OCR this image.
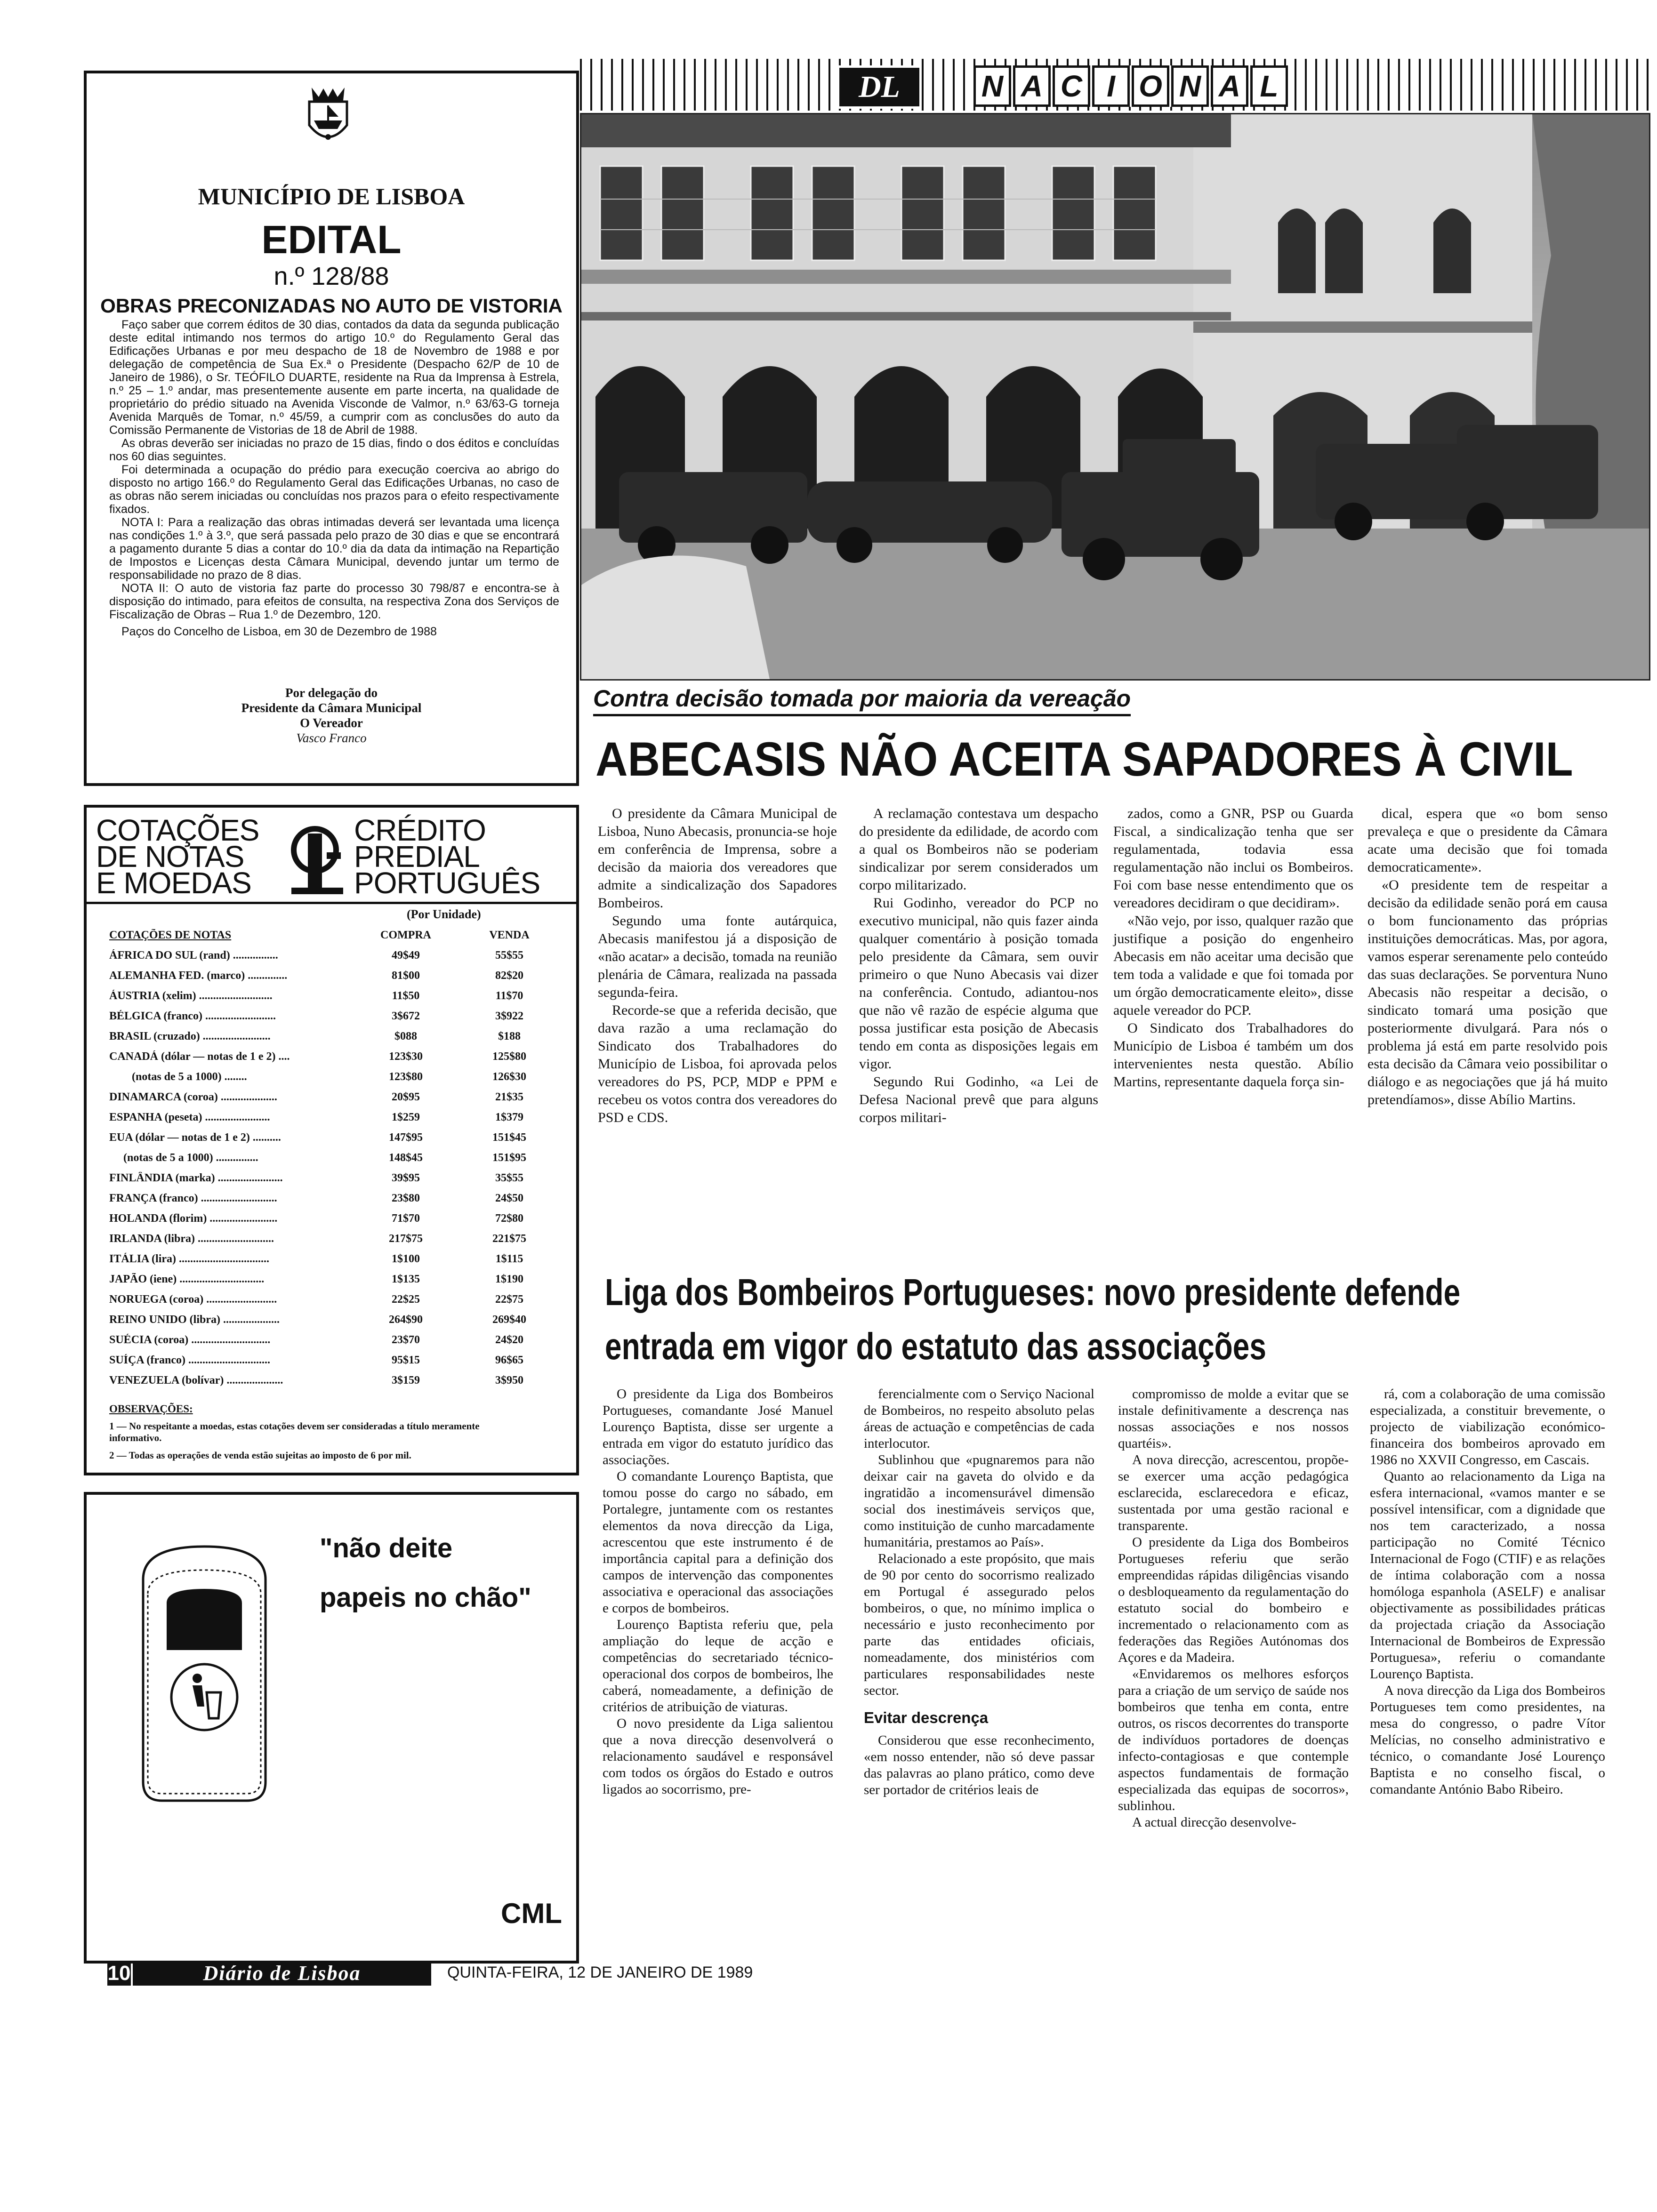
MUNICÍPIO DE LISBOA
EDITAL
n.º 128/88
OBRAS PRECONIZADAS NO AUTO DE VISTORIA

Faço saber que correm éditos de 30 dias, contados da data da segunda publicação deste edital intimando nos termos do artigo 10.º do Regulamento Geral das Edificações Urbanas e por meu despacho de 18 de Novembro de 1988 e por delegação de competência de Sua Ex.ª o Presidente (Despacho 62/P de 10 de Janeiro de 1986), o Sr. TEÓFILO DUARTE, residente na Rua da Imprensa à Estrela, n.º 25 – 1.º andar, mas presentemente ausente em parte incerta, na qualidade de proprietário do prédio situado na Avenida Visconde de Valmor, n.º 63/63-G torneja Avenida Marquês de Tomar, n.º 45/59, a cumprir com as conclusões do auto da Comissão Permanente de Vistorias de 18 de Abril de 1988.

As obras deverão ser iniciadas no prazo de 15 dias, findo o dos éditos e concluídas nos 60 dias seguintes.

Foi determinada a ocupação do prédio para execução coerciva ao abrigo do disposto no artigo 166.º do Regulamento Geral das Edificações Urbanas, no caso de as obras não serem iniciadas ou concluídas nos prazos para o efeito respectivamente fixados.

NOTA I: Para a realização das obras intimadas deverá ser levantada uma licença nas condições 1.º à 3.º, que será passada pelo prazo de 30 dias e que se encontrará a pagamento durante 5 dias a contar do 10.º dia da data da intimação na Repartição de Impostos e Licenças desta Câmara Municipal, devendo juntar um termo de responsabilidade no prazo de 8 dias.

NOTA II: O auto de vistoria faz parte do processo 30 798/87 e encontra-se à disposição do intimado, para efeitos de consulta, na respectiva Zona dos Serviços de Fiscalização de Obras – Rua 1.º de Dezembro, 120.

Paços do Concelho de Lisboa, em 30 de Dezembro de 1988

Por delegação do
Presidente da Câmara Municipal
O Vereador
Vasco Franco
COTAÇÕES
DE NOTAS
E MOEDAS
CRÉDITO
PREDIAL
PORTUGUÊS
(Por Unidade)
COTAÇÕES DE NOTAS	COMPRA	VENDA
ÁFRICA DO SUL (rand) ................	49$49	55$55
ALEMANHA FED. (marco) ..............	81$00	82$20
ÁUSTRIA (xelim) ..........................	11$50	11$70
BÉLGICA (franco) .........................	3$672	3$922
BRASIL (cruzado) ........................	$088	$188
CANADÁ (dólar — notas de 1 e 2) ....	123$30	125$80
(notas de 5 a 1000) ........	123$80	126$30
DINAMARCA (coroa) ....................	20$95	21$35
ESPANHA (peseta) .......................	1$259	1$379
EUA (dólar — notas de 1 e 2) ..........	147$95	151$45
(notas de 5 a 1000) ...............	148$45	151$95
FINLÂNDIA (marka) .......................	39$95	35$55
FRANÇA (franco) ...........................	23$80	24$50
HOLANDA (florim) ........................	71$70	72$80
IRLANDA (libra) ...........................	217$75	221$75
ITÁLIA (lira) ................................	1$100	1$115
JAPÃO (iene) ..............................	1$135	1$190
NORUEGA (coroa) .........................	22$25	22$75
REINO UNIDO (libra) ....................	264$90	269$40
SUÉCIA (coroa) ............................	23$70	24$20
SUÍÇA (franco) .............................	95$15	96$65
VENEZUELA (bolívar) ....................	3$159	3$950
OBSERVAÇÕES:
1 — No respeitante a moedas, estas cotações devem ser consideradas a título meramente informativo.
2 — Todas as operações de venda estão sujeitas ao imposto de 6 por mil.
"não deite
papeis no chão"
CML
DL	N A C I O N A L
Contra decisão tomada por maioria da vereação
ABECASIS NÃO ACEITA SAPADORES À CIVIL

O presidente da Câmara Municipal de Lisboa, Nuno Abecasis, pronuncia-se hoje em conferência de Imprensa, sobre a decisão da maioria dos vereadores que admite a sindicalização dos Sapadores Bombeiros.

Segundo uma fonte autárquica, Abecasis manifestou já a disposição de «não acatar» a decisão, tomada na reunião plenária de Câmara, realizada na passada segunda-feira.

Recorde-se que a referida decisão, que dava razão a uma reclamação do Sindicato dos Trabalhadores do Município de Lisboa, foi aprovada pelos vereadores do PS, PCP, MDP e PPM e recebeu os votos contra dos vereadores do PSD e CDS.

A reclamação contestava um despacho do presidente da edilidade, de acordo com a qual os Bombeiros não se poderiam sindicalizar por serem considerados um corpo militarizado.

Rui Godinho, vereador do PCP no executivo municipal, não quis fazer ainda qualquer comentário à posição tomada pelo presidente da Câmara, sem ouvir primeiro o que Nuno Abecasis vai dizer na conferência. Contudo, adiantou-nos que não vê razão de espécie alguma que possa justificar esta posição de Abecasis tendo em conta as disposições legais em vigor.

Segundo Rui Godinho, «a Lei de Defesa Nacional prevê que para alguns corpos militari-

zados, como a GNR, PSP ou Guarda Fiscal, a sindicalização tenha que ser regulamentada, todavia essa regulamentação não inclui os Bombeiros. Foi com base nesse entendimento que os vereadores decidiram o que decidiram».

«Não vejo, por isso, qualquer razão que justifique a posição do engenheiro Abecasis em não aceitar uma decisão que tem toda a validade e que foi tomada por um órgão democraticamente eleito», disse aquele vereador do PCP.

O Sindicato dos Trabalhadores do Município de Lisboa é também um dos intervenientes nesta questão. Abílio Martins, representante daquela força sin-

dical, espera que «o bom senso prevaleça e que o presidente da Câmara acate uma decisão que foi tomada democraticamente».

«O presidente tem de respeitar a decisão da edilidade senão porá em causa o bom funcionamento das próprias instituições democráticas. Mas, por agora, vamos esperar serenamente pelo conteúdo das suas declarações. Se porventura Nuno Abecasis não respeitar a decisão, o sindicato tomará uma posição que posteriormente divulgará. Para nós o problema já está em parte resolvido pois esta decisão da Câmara veio possibilitar o diálogo e as negociações que já há muito pretendíamos», disse Abílio Martins.

Liga dos Bombeiros Portugueses: novo presidente defende
entrada em vigor do estatuto das associações

O presidente da Liga dos Bombeiros Portugueses, comandante José Manuel Lourenço Baptista, disse ser urgente a entrada em vigor do estatuto jurídico das associações.

O comandante Lourenço Baptista, que tomou posse do cargo no sábado, em Portalegre, juntamente com os restantes elementos da nova direcção da Liga, acrescentou que este instrumento é de importância capital para a definição dos campos de intervenção das componentes associativa e operacional das associações e corpos de bombeiros.

Lourenço Baptista referiu que, pela ampliação do leque de acção e competências do secretariado técnico-operacional dos corpos de bombeiros, lhe caberá, nomeadamente, a definição de critérios de atribuição de viaturas.

O novo presidente da Liga salientou que a nova direcção desenvolverá o relacionamento saudável e responsável com todos os órgãos do Estado e outros ligados ao socorrismo, pre-

ferencialmente com o Serviço Nacional de Bombeiros, no respeito absoluto pelas áreas de actuação e competências de cada interlocutor.

Sublinhou que «pugnaremos para não deixar cair na gaveta do olvido e da ingratidão a incomensurável dimensão social dos inestimáveis serviços que, como instituição de cunho marcadamente humanitária, prestamos ao País».

Relacionado a este propósito, que mais de 90 por cento do socorrismo realizado em Portugal é assegurado pelos bombeiros, o que, no mínimo implica o necessário e justo reconhecimento por parte das entidades oficiais, nomeadamente, dos ministérios com particulares responsabilidades neste sector.

Evitar descrença

Considerou que esse reconhecimento, «em nosso entender, não só deve passar das palavras ao plano prático, como deve ser portador de critérios leais de

compromisso de molde a evitar que se instale definitivamente a descrença nas nossas associações e nos nossos quartéis».

A nova direcção, acrescentou, propõe-se exercer uma acção pedagógica esclarecida, esclarecedora e eficaz, sustentada por uma gestão racional e transparente.

O presidente da Liga dos Bombeiros Portugueses referiu que serão empreendidas rápidas diligências visando o desbloqueamento da regulamentação do estatuto social do bombeiro e incrementado o relacionamento com as federações das Regiões Autónomas dos Açores e da Madeira.

«Envidaremos os melhores esforços para a criação de um serviço de saúde nos bombeiros que tenha em conta, entre outros, os riscos decorrentes do transporte de indivíduos portadores de doenças infecto-contagiosas e que contemple aspectos fundamentais de formação especializada das equipas de socorros», sublinhou.

A actual direcção desenvolve-

rá, com a colaboração de uma comissão especializada, a constituir brevemente, o projecto de viabilização económico-financeira dos bombeiros aprovado em 1986 no XXVII Congresso, em Cascais.

Quanto ao relacionamento da Liga na esfera internacional, «vamos manter e se possível intensificar, com a dignidade que nos tem caracterizado, a nossa participação no Comité Técnico Internacional de Fogo (CTIF) e as relações de íntima colaboração com a nossa homóloga espanhola (ASELF) e analisar objectivamente as possibilidades práticas da projectada criação da Associação Internacional de Bombeiros de Expressão Portuguesa», referiu o comandante Lourenço Baptista.

A nova direcção da Liga dos Bombeiros Portugueses tem como presidentes, na mesa do congresso, o padre Vítor Melícias, no conselho administrativo e técnico, o comandante José Lourenço Baptista e no conselho fiscal, o comandante António Babo Ribeiro.

10	Diário de Lisboa	QUINTA-FEIRA, 12 DE JANEIRO DE 1989
